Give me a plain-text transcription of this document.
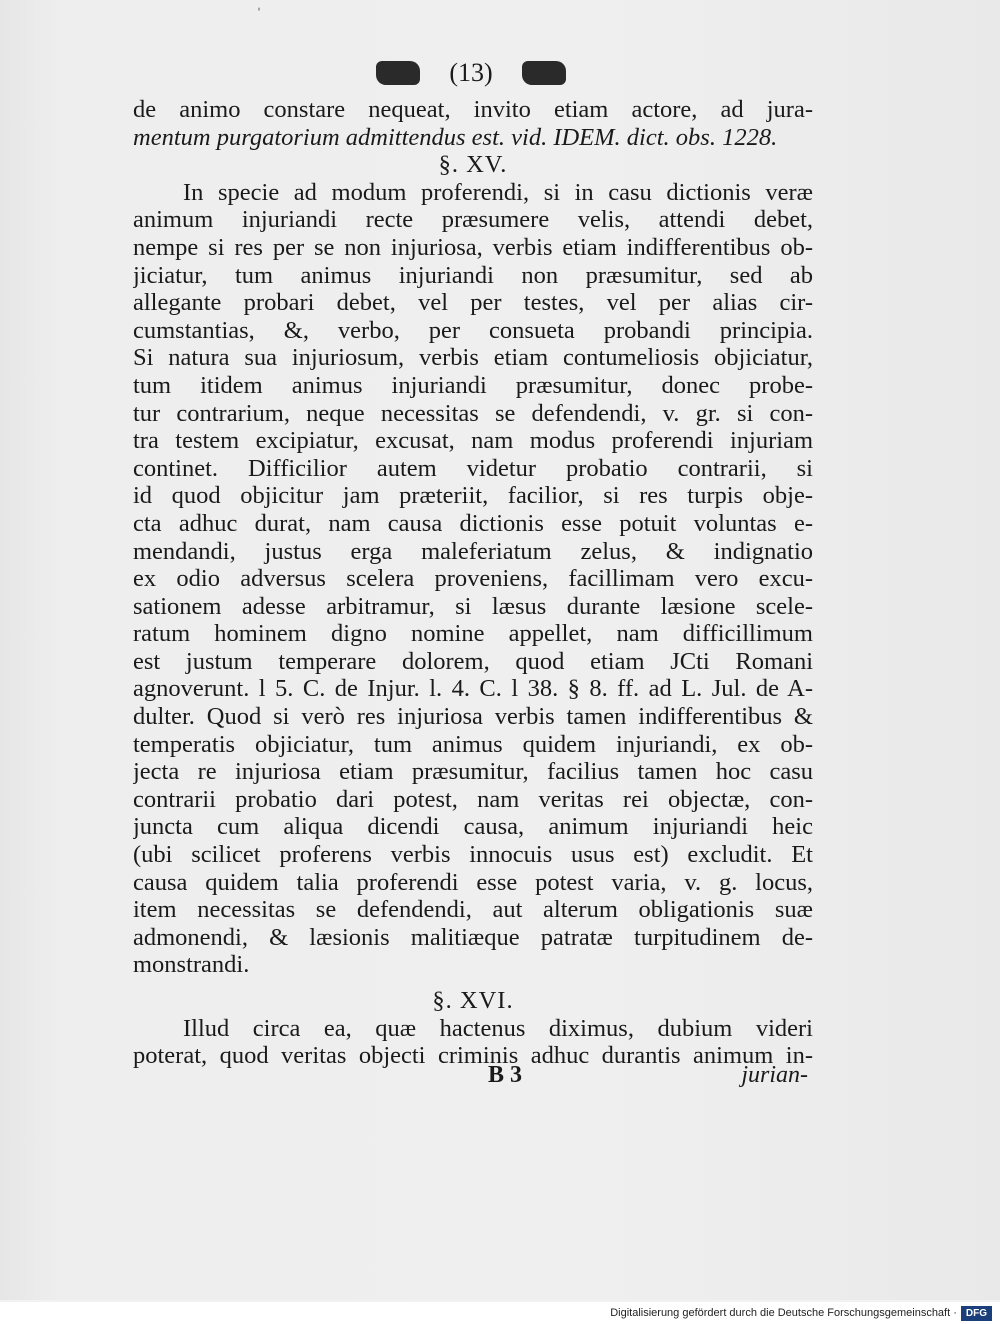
ˈ
(13)
de animo constare nequeat, invito etiam actore, ad jura-
mentum purgatorium admittendus est. vid. IDEM. dict. obs. 1228.
§. XV.
In specie ad modum proferendi, si in casu dictionis veræ
animum injuriandi recte præsumere velis, attendi debet,
nempe si res per se non injuriosa, verbis etiam indifferentibus ob-
jiciatur, tum animus injuriandi non præsumitur, sed ab
allegante probari debet, vel per testes, vel per alias cir-
cumstantias, &, verbo, per consueta probandi principia.
Si natura sua injuriosum, verbis etiam contumeliosis objiciatur,
tum itidem animus injuriandi præsumitur, donec probe-
tur contrarium, neque necessitas se defendendi, v. gr. si con-
tra testem excipiatur, excusat, nam modus proferendi injuriam
continet. Difficilior autem videtur probatio contrarii, si
id quod objicitur jam præteriit, facilior, si res turpis obje-
cta adhuc durat, nam causa dictionis esse potuit voluntas e-
mendandi, justus erga maleferiatum zelus, & indignatio
ex odio adversus scelera proveniens, facillimam vero excu-
sationem adesse arbitramur, si læsus durante læsione scele-
ratum hominem digno nomine appellet, nam difficillimum
est justum temperare dolorem, quod etiam JCti Romani
agnoverunt. l 5. C. de Injur. l. 4. C. l 38. § 8. ff. ad L. Jul. de A-
dulter. Quod si verò res injuriosa verbis tamen indifferentibus &
temperatis objiciatur, tum animus quidem injuriandi, ex ob-
jecta re injuriosa etiam præsumitur, facilius tamen hoc casu
contrarii probatio dari potest, nam veritas rei objectæ, con-
juncta cum aliqua dicendi causa, animum injuriandi heic
(ubi scilicet proferens verbis innocuis usus est) excludit. Et
causa quidem talia proferendi esse potest varia, v. g. locus,
item necessitas se defendendi, aut alterum obligationis suæ
admonendi, & læsionis malitiæque patratæ turpitudinem de-
monstrandi.
§. XVI.
Illud circa ea, quæ hactenus diximus, dubium videri
poterat, quod veritas objecti criminis adhuc durantis animum in-
B 3	jurian-
Digitalisierung gefördert durch die Deutsche Forschungsgemeinschaft · DFG
